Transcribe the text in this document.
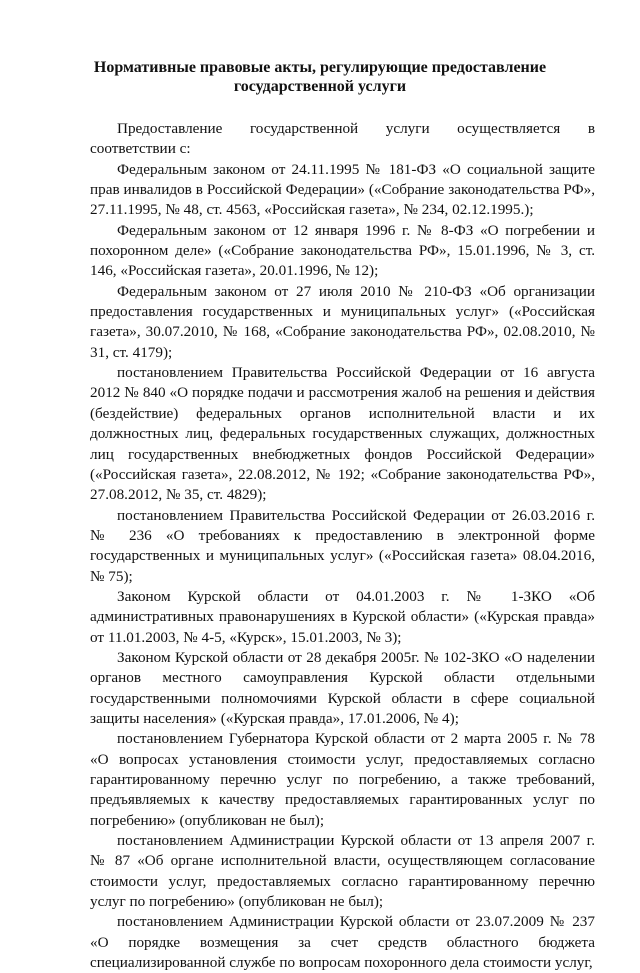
Нормативные правовые акты, регулирующие предоставление
государственной услуги
Предоставление государственной услуги осуществляется в
соответствии с:
Федеральным законом от 24.11.1995 № 181-ФЗ «О социальной защите
прав инвалидов в Российской Федерации» («Собрание законодательства РФ»,
27.11.1995, № 48, ст. 4563, «Российская газета», № 234, 02.12.1995.);
Федеральным законом от 12 января 1996 г. № 8-ФЗ «О погребении и
похоронном деле» («Собрание законодательства РФ», 15.01.1996, № 3, ст.
146, «Российская газета», 20.01.1996, № 12);
Федеральным законом от 27 июля 2010 № 210-ФЗ «Об организации
предоставления государственных и муниципальных услуг» («Российская
газета», 30.07.2010, № 168, «Собрание законодательства РФ», 02.08.2010, №
31, ст. 4179);
постановлением Правительства Российской Федерации от 16 августа
2012 № 840 «О порядке подачи и рассмотрения жалоб на решения и действия
(бездействие) федеральных органов исполнительной власти и их
должностных лиц, федеральных государственных служащих, должностных
лиц государственных внебюджетных фондов Российской Федерации»
(«Российская газета», 22.08.2012, № 192; «Собрание законодательства РФ»,
27.08.2012, № 35, ст. 4829);
постановлением Правительства Российской Федерации от 26.03.2016 г.
№ 236 «О требованиях к предоставлению в электронной форме
государственных и муниципальных услуг» («Российская газета» 08.04.2016,
№ 75);
Законом Курской области от 04.01.2003 г. № 1-ЗКО «Об
административных правонарушениях в Курской области» («Курская правда»
от 11.01.2003, № 4-5, «Курск», 15.01.2003, № 3);
Законом Курской области от 28 декабря 2005г. № 102-ЗКО «О наделении
органов местного самоуправления Курской области отдельными
государственными полномочиями Курской области в сфере социальной
защиты населения» («Курская правда», 17.01.2006, № 4);
постановлением Губернатора Курской области от 2 марта 2005 г. № 78
«О вопросах установления стоимости услуг, предоставляемых согласно
гарантированному перечню услуг по погребению, а также требований,
предъявляемых к качеству предоставляемых гарантированных услуг по
погребению» (опубликован не был);
постановлением Администрации Курской области от 13 апреля 2007 г.
№ 87 «Об органе исполнительной власти, осуществляющем согласование
стоимости услуг, предоставляемых согласно гарантированному перечню
услуг по погребению» (опубликован не был);
постановлением Администрации Курской области от 23.07.2009 № 237
«О порядке возмещения за счет средств областного бюджета
специализированной службе по вопросам похоронного дела стоимости услуг,
